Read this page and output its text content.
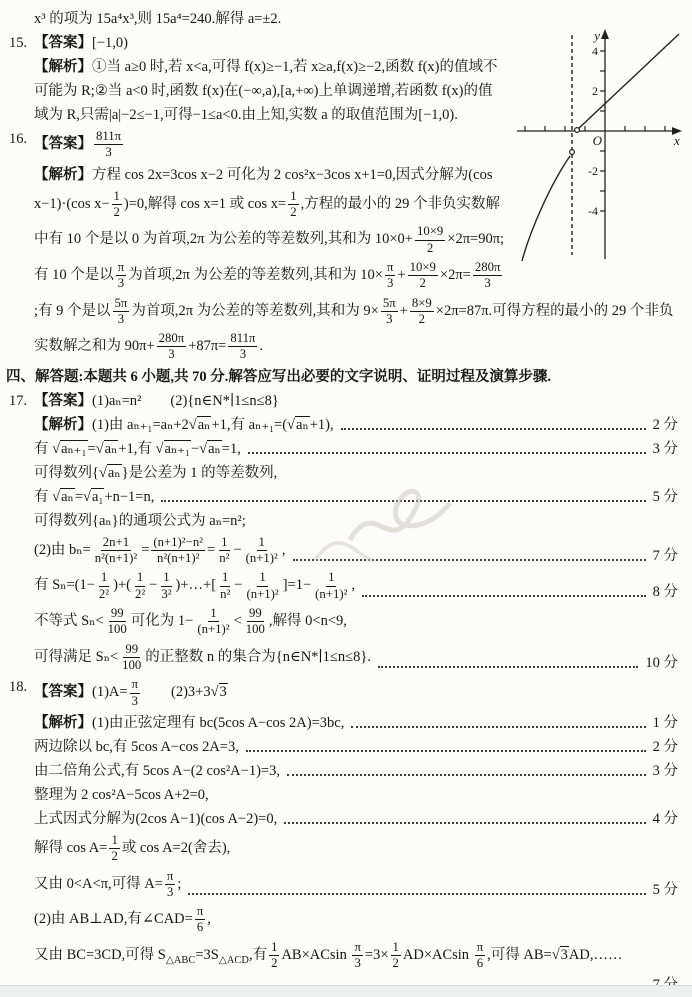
y
x
O
4
2
-2
-4
x³ 的项为 15a⁴x³,则 15a⁴=240.解得 a=±2.
15. 【答案】[−1,0)
【解析】①当 a≥0 时,若 x<a,可得 f(x)≥−1,若 x≥a,f(x)≥−2,函数 f(x)的值域不可能为 R;②当 a<0 时,函数 f(x)在(−∞,a),[a,+∞)上单调递增,若函数 f(x)的值域为 R,只需|a|−2≤−1,可得−1≤a<0.由上知,实数 a 的取值范围为[−1,0).
16. 【答案】 $\frac{811\pi}{3}$
【解析】方程 cos 2x=3cos x−2 可化为 2 cos²x−3cos x+1=0,因式分解为(cos x−1)·(cos $x- \frac{1}{2} )=0$,解得 cos x=1 或 $\cos x= \frac{1}{2}$ ,方程的最小的 29 个非负实数解中有 10 个是以 0 为首项,2π 为公差的等差数列,其和为 $10\times 0+ \frac{10\times 9}{2} \times 2\pi=90\pi$;有 10 个是以 $\frac{\pi}{3}$ 为首项,2π 为公差的等差数列,其和为 $10\times \frac{\pi}{3} + \frac{10\times 9}{2} \times 2\pi= \frac{280\pi}{3}$
;有 9 个是以 $\frac{5\pi}{3}$ 为首项,2π 为公差的等差数列,其和为 $9\times \frac{5\pi}{3} + \frac{8\times 9}{2} \times 2\pi=87\pi$.可得方程的最小的 29 个非负实数解之和为 $90\pi+ \frac{280\pi}{3} +87\pi= \frac{811\pi}{3}$ .
四、解答题:本题共 6 小题,共 70 分.解答应写出必要的文字说明、证明过程及演算步骤.
17. 【答案】(1)aₙ=n²　　(2){n∈N*∣1≤n≤8}
【解析】(1)由 aₙ₊₁=aₙ+2√aₙ+1,有 aₙ₊₁=(√aₙ+1),	2 分
有 √aₙ₊₁=√aₙ+1,有 √aₙ₊₁−√aₙ=1,	3 分
可得数列{√aₙ}是公差为 1 的等差数列,
有 √aₙ=√a₁+n−1=n,	5 分
可得数列{aₙ}的通项公式为 aₙ=n²;
(2)由 $b_n= \frac{2n+1}{\text{n²(n+1)²}} = \frac{\text{(n+1)²−n²}}{\text{n²(n+1)²}} = \frac{1}{\text{n²}} - \frac{1}{\text{(n+1)²}}$ ,	7 分
有 $S_n=(1- \frac{1}{\text{2²}}$ )+( $\frac{1}{\text{2²}} - \frac{1}{\text{3²}}$ )+…+[ $\frac{1}{\text{n²}} - \frac{1}{\text{(n+1)²}} ]=1- \frac{1}{\text{(n+1)²}}$ ,	8 分
不等式 $S_n< \frac{99}{100}$ 可化为 $1- \frac{1}{\text{(n+1)²}} < \frac{99}{100}$ ,解得 0<n<9,
可得满足 $S_n< \frac{99}{100}$ 的正整数 n 的集合为{n∈N*∣1≤n≤8}.	10 分
18. 【答案】$(1)A= \frac{\pi}{3}$ 　　(2)3+3√3
【解析】(1)由正弦定理有 bc(5cos A−cos 2A)=3bc,	1 分
两边除以 bc,有 5cos A−cos 2A=3,	2 分
由二倍角公式,有 5cos A−(2 cos²A−1)=3,	3 分
整理为 2 cos²A−5cos A+2=0,
上式因式分解为(2cos A−1)(cos A−2)=0,	4 分
解得 $\cos A= \frac{1}{2}$ 或 cos A=2(舍去),
又由 0<A<π,可得 $A= \frac{\pi}{3}$ ;	5 分
(2)由 AB⊥AD,有∠CAD= $\frac{\pi}{6}$ ,
又由 BC=3CD,可得 $S_{\triangle ABC}=3S_{\triangle ACD}$,有 $\frac{1}{2} AB\times ACsin \frac{\pi}{3} =3\times \frac{1}{2} AD\times ACsin \frac{\pi}{6}$ ,可得 AB=√3AD,……
